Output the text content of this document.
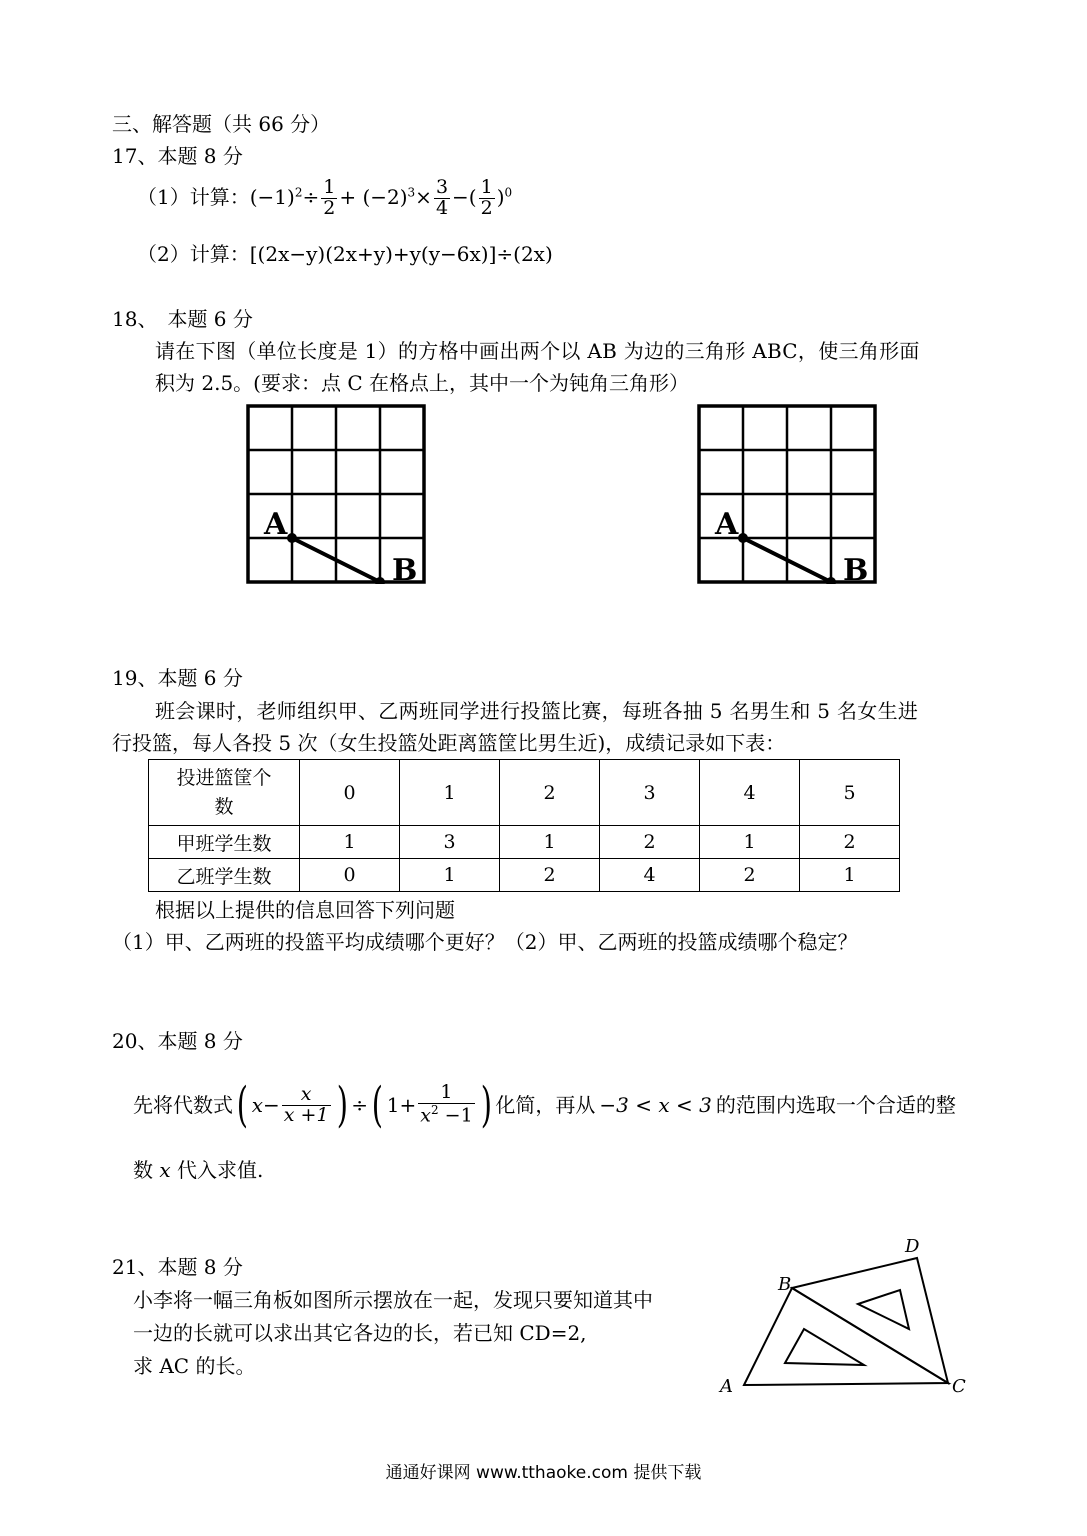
三、解答题（共 66 分）
17、本题 8 分
（1）计算：$(-1)^2\div \frac{1}{2} + (-2)^3\times \frac{3}{4}$ −( $\frac{1}{2} )^0$
（2）计算：[(2x−y)(2x+y)+y(y−6x)]÷(2x)
18、　本题 6 分
请在下图（单位长度是 1）的方格中画出两个以 AB 为边的三角形 ABC，使三角形面
积为 2.5。(要求：点 C 在格点上，其中一个为钝角三角形）
A
B
A
B
19、本题 6 分
班会课时，老师组织甲、乙两班同学进行投篮比赛，每班各抽 5 名男生和 5 名女生进
行投篮，每人各投 5 次（女生投篮处距离篮筐比男生近)，成绩记录如下表：
投进篮筐个
数	0	1	2	3	4	5
甲班学生数	1	3	1	2	1	2
乙班学生数	0	1	2	4	2	1
根据以上提供的信息回答下列问题
（1）甲、乙两班的投篮平均成绩哪个更好？（2）甲、乙两班的投篮成绩哪个稳定？
20、本题 8 分
先将代数式 ( $x - \frac{x}{x +1}$ ) ÷ ( $1+ \frac{1}{x^2 -1}$ ) 化简，再从 −3 < x < 3 的范围内选取一个合适的整
数 x 代入求值.
21、本题 8 分
小李将一幅三角板如图所示摆放在一起，发现只要知道其中
一边的长就可以求出其它各边的长，若已知 CD=2,
求 AC 的长。
A
B
C
D
通通好课网 www.tthaoke.com 提供下载
